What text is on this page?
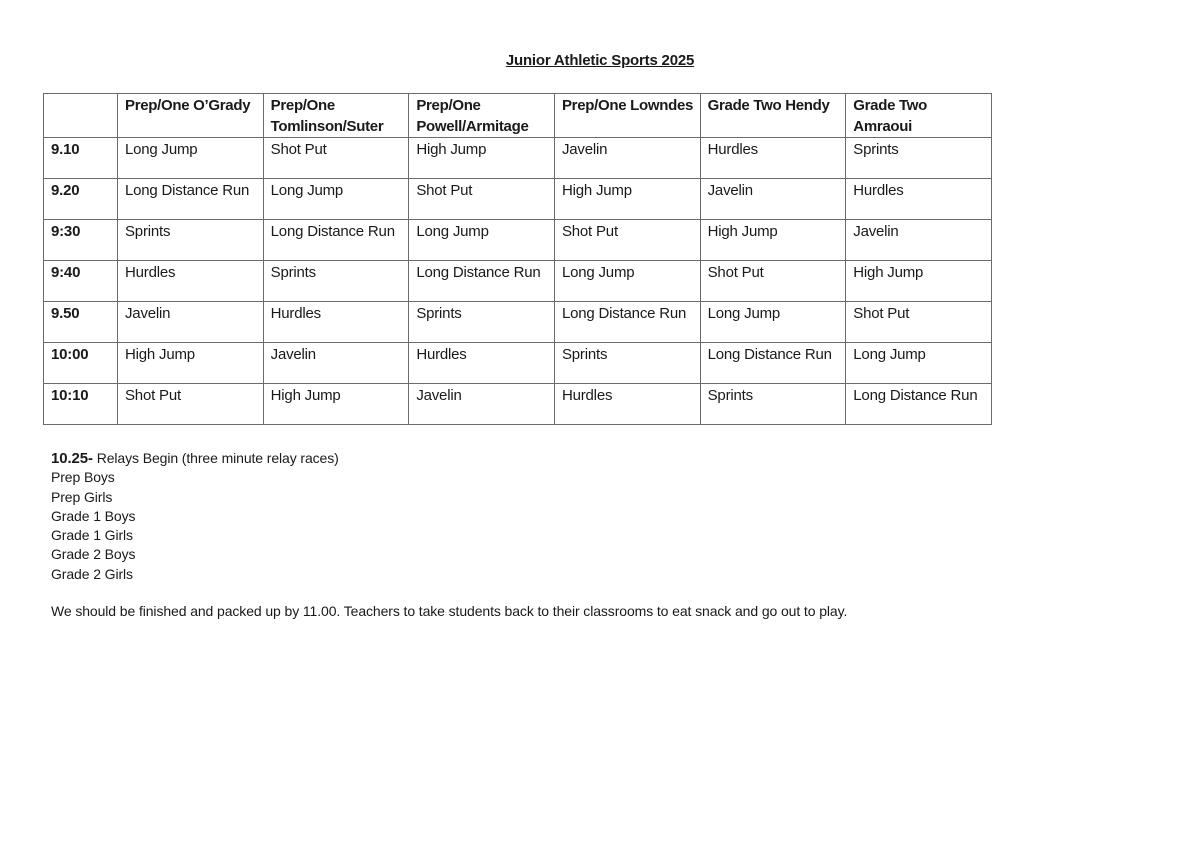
Junior Athletic Sports 2025
	Prep/One O’Grady	Prep/One Tomlinson/Suter	Prep/One Powell/Armitage	Prep/One Lowndes	Grade Two Hendy	Grade Two Amraoui
9.10	Long Jump	Shot Put	High Jump	Javelin	Hurdles	Sprints
9.20	Long Distance Run	Long Jump	Shot Put	High Jump	Javelin	Hurdles
9:30	Sprints	Long Distance Run	Long Jump	Shot Put	High Jump	Javelin
9:40	Hurdles	Sprints	Long Distance Run	Long Jump	Shot Put	High Jump
9.50	Javelin	Hurdles	Sprints	Long Distance Run	Long Jump	Shot Put
10:00	High Jump	Javelin	Hurdles	Sprints	Long Distance Run	Long Jump
10:10	Shot Put	High Jump	Javelin	Hurdles	Sprints	Long Distance Run
10.25- Relays Begin (three minute relay races)
Prep Boys
Prep Girls
Grade 1 Boys
Grade 1 Girls
Grade 2 Boys
Grade 2 Girls
We should be finished and packed up by 11.00. Teachers to take students back to their classrooms to eat snack and go out to play.
